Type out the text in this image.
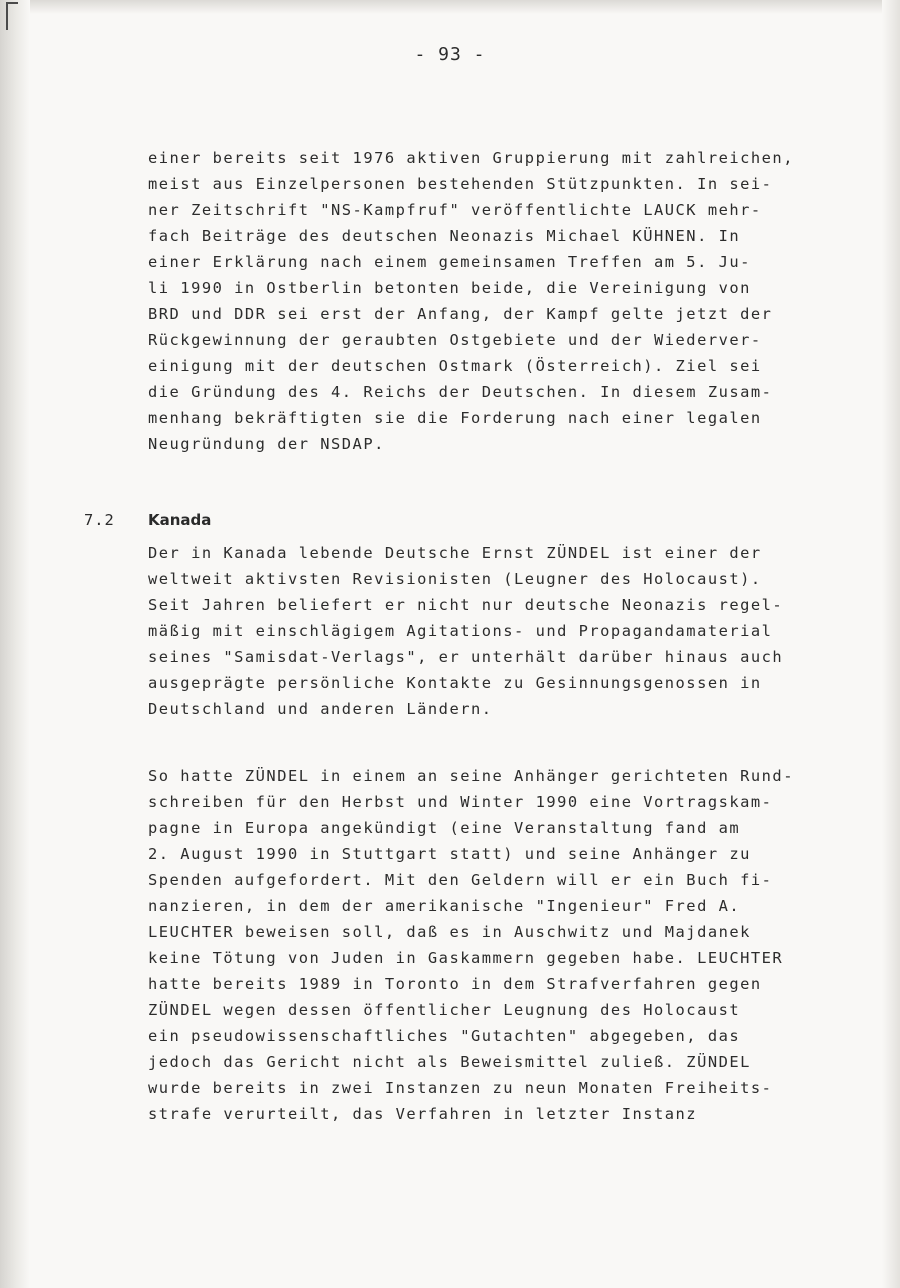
- 93 -
einer bereits seit 1976 aktiven Gruppierung mit zahlreichen,
meist aus Einzelpersonen bestehenden Stützpunkten. In sei-
ner Zeitschrift "NS-Kampfruf" veröffentlichte LAUCK mehr-
fach Beiträge des deutschen Neonazis Michael KÜHNEN. In
einer Erklärung nach einem gemeinsamen Treffen am 5. Ju-
li 1990 in Ostberlin betonten beide, die Vereinigung von
BRD und DDR sei erst der Anfang, der Kampf gelte jetzt der
Rückgewinnung der geraubten Ostgebiete und der Wiederver-
einigung mit der deutschen Ostmark (Österreich). Ziel sei
die Gründung des 4. Reichs der Deutschen. In diesem Zusam-
menhang bekräftigten sie die Forderung nach einer legalen
Neugründung der NSDAP.
7.2 Kanada
Der in Kanada lebende Deutsche Ernst ZÜNDEL ist einer der
weltweit aktivsten Revisionisten (Leugner des Holocaust).
Seit Jahren beliefert er nicht nur deutsche Neonazis regel-
mäßig mit einschlägigem Agitations- und Propagandamaterial
seines "Samisdat-Verlags", er unterhält darüber hinaus auch
ausgeprägte persönliche Kontakte zu Gesinnungsgenossen in
Deutschland und anderen Ländern.
So hatte ZÜNDEL in einem an seine Anhänger gerichteten Rund-
schreiben für den Herbst und Winter 1990 eine Vortragskam-
pagne in Europa angekündigt (eine Veranstaltung fand am
2. August 1990 in Stuttgart statt) und seine Anhänger zu
Spenden aufgefordert. Mit den Geldern will er ein Buch fi-
nanzieren, in dem der amerikanische "Ingenieur" Fred A.
LEUCHTER beweisen soll, daß es in Auschwitz und Majdanek
keine Tötung von Juden in Gaskammern gegeben habe. LEUCHTER
hatte bereits 1989 in Toronto in dem Strafverfahren gegen
ZÜNDEL wegen dessen öffentlicher Leugnung des Holocaust
ein pseudowissenschaftliches "Gutachten" abgegeben, das
jedoch das Gericht nicht als Beweismittel zuließ. ZÜNDEL
wurde bereits in zwei Instanzen zu neun Monaten Freiheits-
strafe verurteilt, das Verfahren in letzter Instanz
